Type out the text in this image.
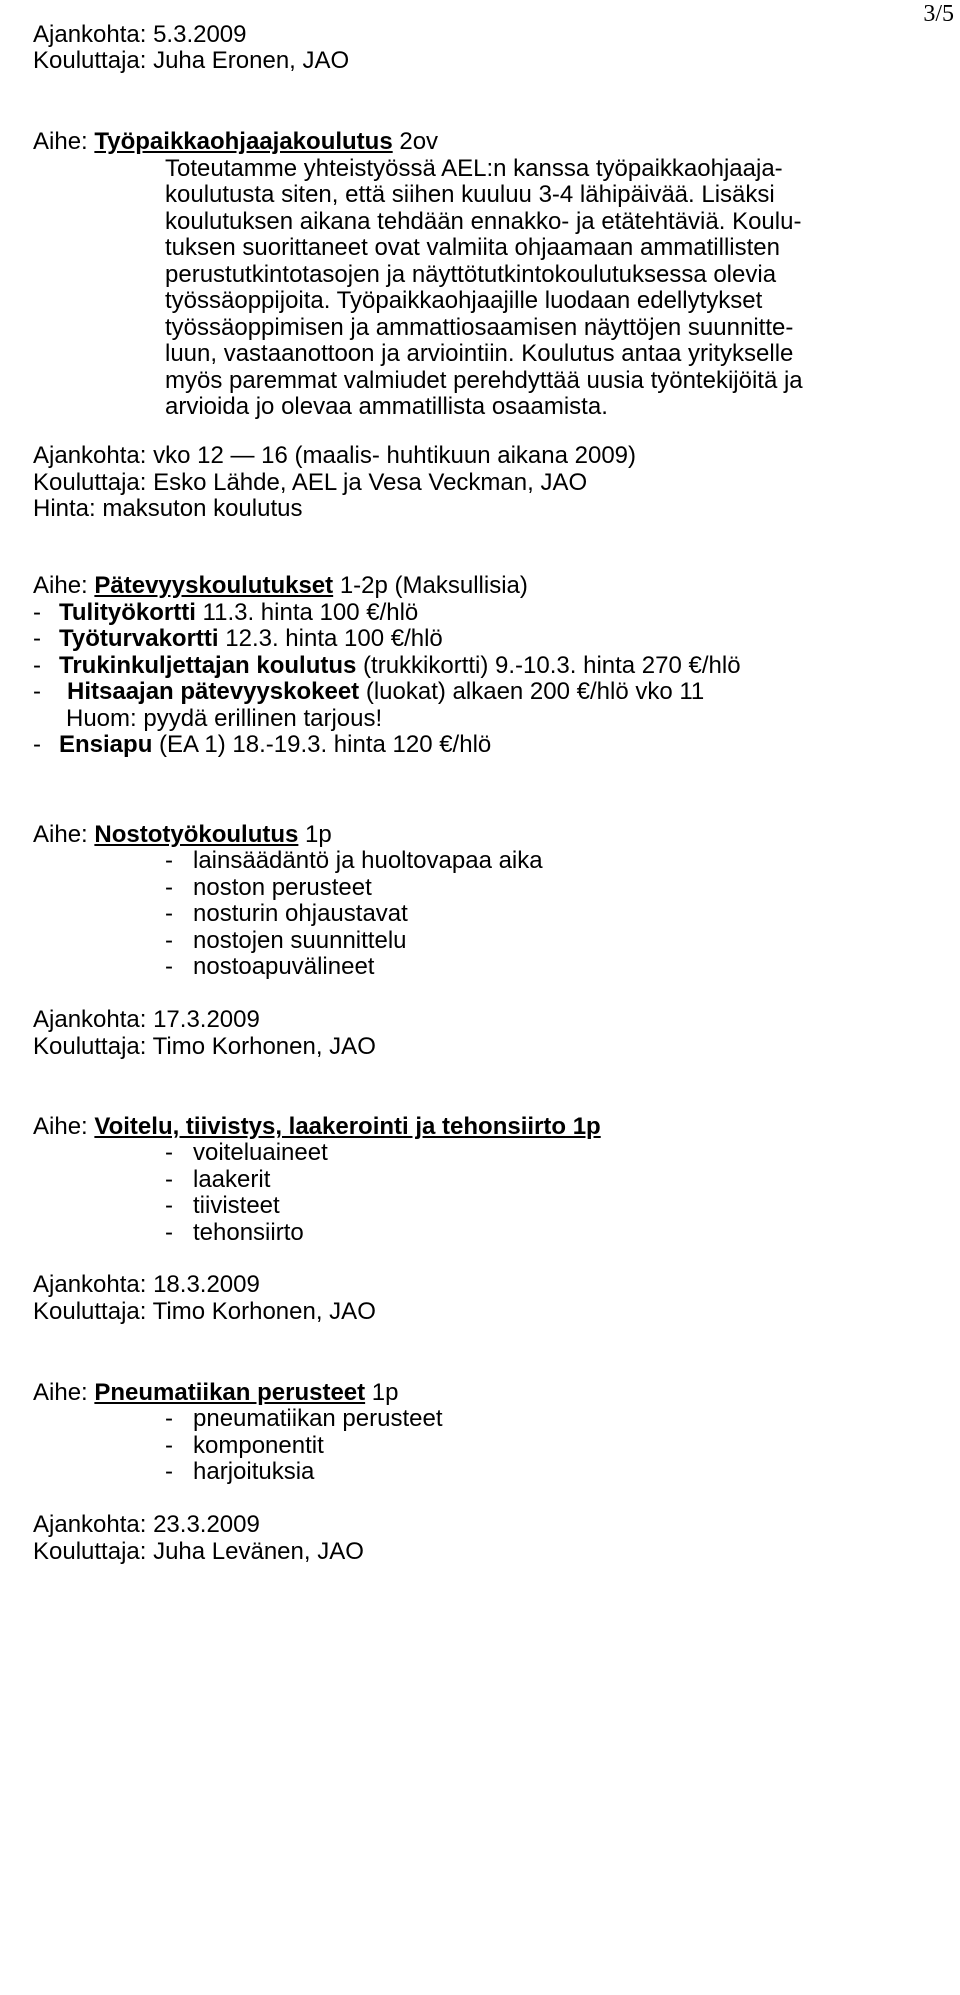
3/5
Ajankohta: 5.3.2009
Kouluttaja: Juha Eronen, JAO
Aihe: Työpaikkaohjaajakoulutus 2ov
Toteutamme yhteistyössä AEL:n kanssa työpaikkaohjaaja-
koulutusta siten, että siihen kuuluu 3-4 lähipäivää. Lisäksi
koulutuksen aikana tehdään ennakko- ja etätehtäviä. Koulu-
tuksen suorittaneet ovat valmiita ohjaamaan ammatillisten
perustutkintotasojen ja näyttötutkintokoulutuksessa olevia
työssäoppijoita. Työpaikkaohjaajille luodaan edellytykset
työssäoppimisen ja ammattiosaamisen näyttöjen suunnitte-
luun, vastaanottoon ja arviointiin. Koulutus antaa yritykselle
myös paremmat valmiudet perehdyttää uusia työntekijöitä ja
arvioida jo olevaa ammatillista osaamista.
Ajankohta: vko 12 — 16 (maalis- huhtikuun aikana 2009)
Kouluttaja: Esko Lähde, AEL ja Vesa Veckman, JAO
Hinta: maksuton koulutus
Aihe: Pätevyyskoulutukset 1-2p (Maksullisia)
- Tulityökortti 11.3. hinta 100 €/hlö
- Työturvakortti 12.3. hinta 100 €/hlö
- Trukinkuljettajan koulutus (trukkikortti) 9.-10.3. hinta 270 €/hlö
- Hitsaajan pätevyyskokeet (luokat) alkaen 200 €/hlö vko 11
Huom: pyydä erillinen tarjous!
- Ensiapu (EA 1) 18.-19.3. hinta 120 €/hlö
Aihe: Nostotyökoulutus 1p
- lainsäädäntö ja huoltovapaa aika
- noston perusteet
- nosturin ohjaustavat
- nostojen suunnittelu
- nostoapuvälineet
Ajankohta: 17.3.2009
Kouluttaja: Timo Korhonen, JAO
Aihe: Voitelu, tiivistys, laakerointi ja tehonsiirto 1p
- voiteluaineet
- laakerit
- tiivisteet
- tehonsiirto
Ajankohta: 18.3.2009
Kouluttaja: Timo Korhonen, JAO
Aihe: Pneumatiikan perusteet 1p
- pneumatiikan perusteet
- komponentit
- harjoituksia
Ajankohta: 23.3.2009
Kouluttaja: Juha Levänen, JAO
